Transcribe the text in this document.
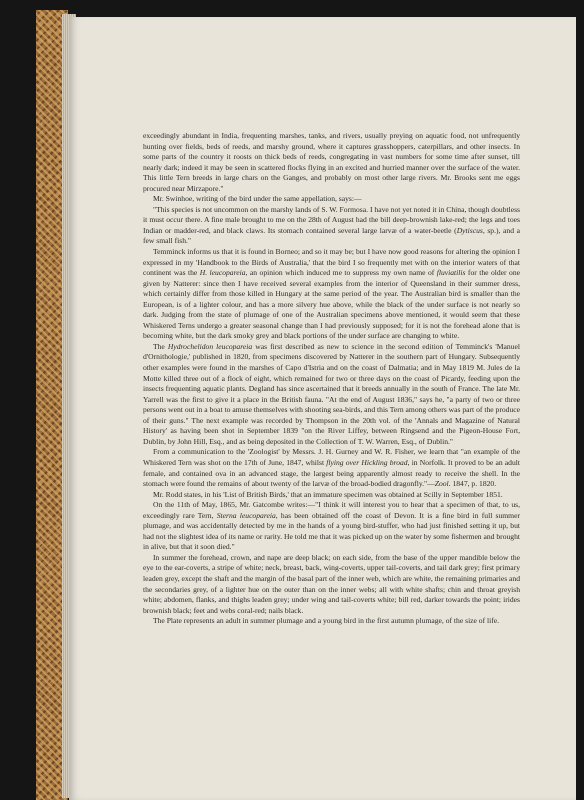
exceedingly abundant in India, frequenting marshes, tanks, and rivers, usually preying on aquatic food, not unfrequently hunting over fields, beds of reeds, and marshy ground, where it captures grasshoppers, caterpillars, and other insects. In some parts of the country it roosts on thick beds of reeds, congregating in vast numbers for some time after sunset, till nearly dark; indeed it may be seen in scattered flocks flying in an excited and hurried manner over the surface of the water. This little Tern breeds in large chars on the Ganges, and probably on most other large rivers. Mr. Brooks sent me eggs procured near Mirzapore."

Mr. Swinhoe, writing of the bird under the same appellation, says:—

"This species is not uncommon on the marshy lands of S. W. Formosa. I have not yet noted it in China, though doubtless it must occur there. A fine male brought to me on the 28th of August had the bill deep-brownish lake-red; the legs and toes Indian or madder-red, and black claws. Its stomach contained several large larvæ of a water-beetle (Dytiscus, sp.), and a few small fish."

Temminck informs us that it is found in Borneo; and so it may be; but I have now good reasons for altering the opinion I expressed in my 'Handbook to the Birds of Australia,' that the bird I so frequently met with on the interior waters of that continent was the H. leucopareia, an opinion which induced me to suppress my own name of fluviatilis for the older one given by Natterer: since then I have received several examples from the interior of Queensland in their summer dress, which certainly differ from those killed in Hungary at the same period of the year. The Australian bird is smaller than the European, is of a lighter colour, and has a more silvery hue above, while the black of the under surface is not nearly so dark. Judging from the state of plumage of one of the Australian specimens above mentioned, it would seem that these Whiskered Terns undergo a greater seasonal change than I had previously supposed; for it is not the forehead alone that is becoming white, but the dark smoky grey and black portions of the under surface are changing to white.

The Hydrochelidon leucopareia was first described as new to science in the second edition of Temminck's 'Manuel d'Ornithologie,' published in 1820, from specimens discovered by Natterer in the southern part of Hungary. Subsequently other examples were found in the marshes of Capo d'Istria and on the coast of Dalmatia; and in May 1819 M. Jules de la Motte killed three out of a flock of eight, which remained for two or three days on the coast of Picardy, feeding upon the insects frequenting aquatic plants. Degland has since ascertained that it breeds annually in the south of France. The late Mr. Yarrell was the first to give it a place in the British fauna. "At the end of August 1836," says he, "a party of two or three persons went out in a boat to amuse themselves with shooting sea-birds, and this Tern among others was part of the produce of their guns." The next example was recorded by Thompson in the 20th vol. of the 'Annals and Magazine of Natural History' as having been shot in September 1839 "on the River Liffey, between Ringsend and the Pigeon-House Fort, Dublin, by John Hill, Esq., and as being deposited in the Collection of T. W. Warren, Esq., of Dublin."

From a communication to the 'Zoologist' by Messrs. J. H. Gurney and W. R. Fisher, we learn that "an example of the Whiskered Tern was shot on the 17th of June, 1847, whilst flying over Hickling broad, in Norfolk. It proved to be an adult female, and contained ova in an advanced stage, the largest being apparently almost ready to receive the shell. In the stomach were found the remains of about twenty of the larvæ of the broad-bodied dragonfly."—Zool. 1847, p. 1820.

Mr. Rodd states, in his 'List of British Birds,' that an immature specimen was obtained at Scilly in September 1851.

On the 11th of May, 1865, Mr. Gatcombe writes:—"I think it will interest you to hear that a specimen of that, to us, exceedingly rare Tern, Sterna leucopareia, has been obtained off the coast of Devon. It is a fine bird in full summer plumage, and was accidentally detected by me in the hands of a young bird-stuffer, who had just finished setting it up, but had not the slightest idea of its name or rarity. He told me that it was picked up on the water by some fishermen and brought in alive, but that it soon died."

In summer the forehead, crown, and nape are deep black; on each side, from the base of the upper mandible below the eye to the ear-coverts, a stripe of white; neck, breast, back, wing-coverts, upper tail-coverts, and tail dark grey; first primary leaden grey, except the shaft and the margin of the basal part of the inner web, which are white, the remaining primaries and the secondaries grey, of a lighter hue on the outer than on the inner webs; all with white shafts; chin and throat greyish white; abdomen, flanks, and thighs leaden grey; under wing and tail-coverts white; bill red, darker towards the point; irides brownish black; feet and webs coral-red; nails black.

The Plate represents an adult in summer plumage and a young bird in the first autumn plumage, of the size of life.
